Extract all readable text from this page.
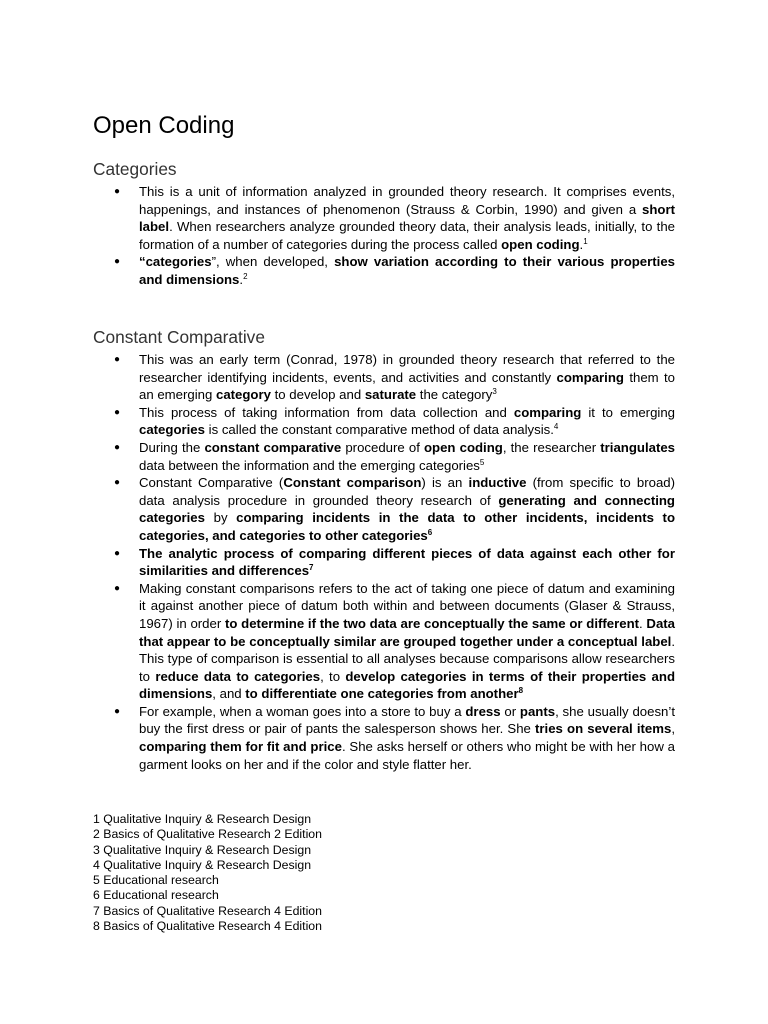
Open Coding
Categories
● This is a unit of information analyzed in grounded theory research. It comprises events, happenings, and instances of phenomenon (Strauss & Corbin, 1990) and given a short label. When researchers analyze grounded theory data, their analysis leads, initially, to the formation of a number of categories during the process called open coding.$^1$
● “categories”, when developed, show variation according to their various properties and dimensions.$^2$
Constant Comparative
● This was an early term (Conrad, 1978) in grounded theory research that referred to the researcher identifying incidents, events, and activities and constantly comparing them to an emerging category to develop and saturate the category$^3$
● This process of taking information from data collection and comparing it to emerging categories is called the constant comparative method of data analysis.$^4$
● During the constant comparative procedure of open coding, the researcher triangulates data between the information and the emerging categories$^5$
● Constant Comparative (Constant comparison) is an inductive (from specific to broad) data analysis procedure in grounded theory research of generating and connecting categories by comparing incidents in the data to other incidents, incidents to categories, and categories to other categories$^6$
● The analytic process of comparing different pieces of data against each other for similarities and differences$^7$
● Making constant comparisons refers to the act of taking one piece of datum and examining it against another piece of datum both within and between documents (Glaser & Strauss, 1967) in order to determine if the two data are conceptually the same or different. Data that appear to be conceptually similar are grouped together under a conceptual label. This type of comparison is essential to all analyses because comparisons allow researchers to reduce data to categories, to develop categories in terms of their properties and dimensions, and to differentiate one categories from another$^8$
● For example, when a woman goes into a store to buy a dress or pants, she usually doesn’t buy the first dress or pair of pants the salesperson shows her. She tries on several items, comparing them for fit and price. She asks herself or others who might be with her how a garment looks on her and if the color and style flatter her.
1 Qualitative Inquiry & Research Design
2 Basics of Qualitative Research 2 Edition
3 Qualitative Inquiry & Research Design
4 Qualitative Inquiry & Research Design
5 Educational research
6 Educational research
7 Basics of Qualitative Research 4 Edition
8 Basics of Qualitative Research 4 Edition
